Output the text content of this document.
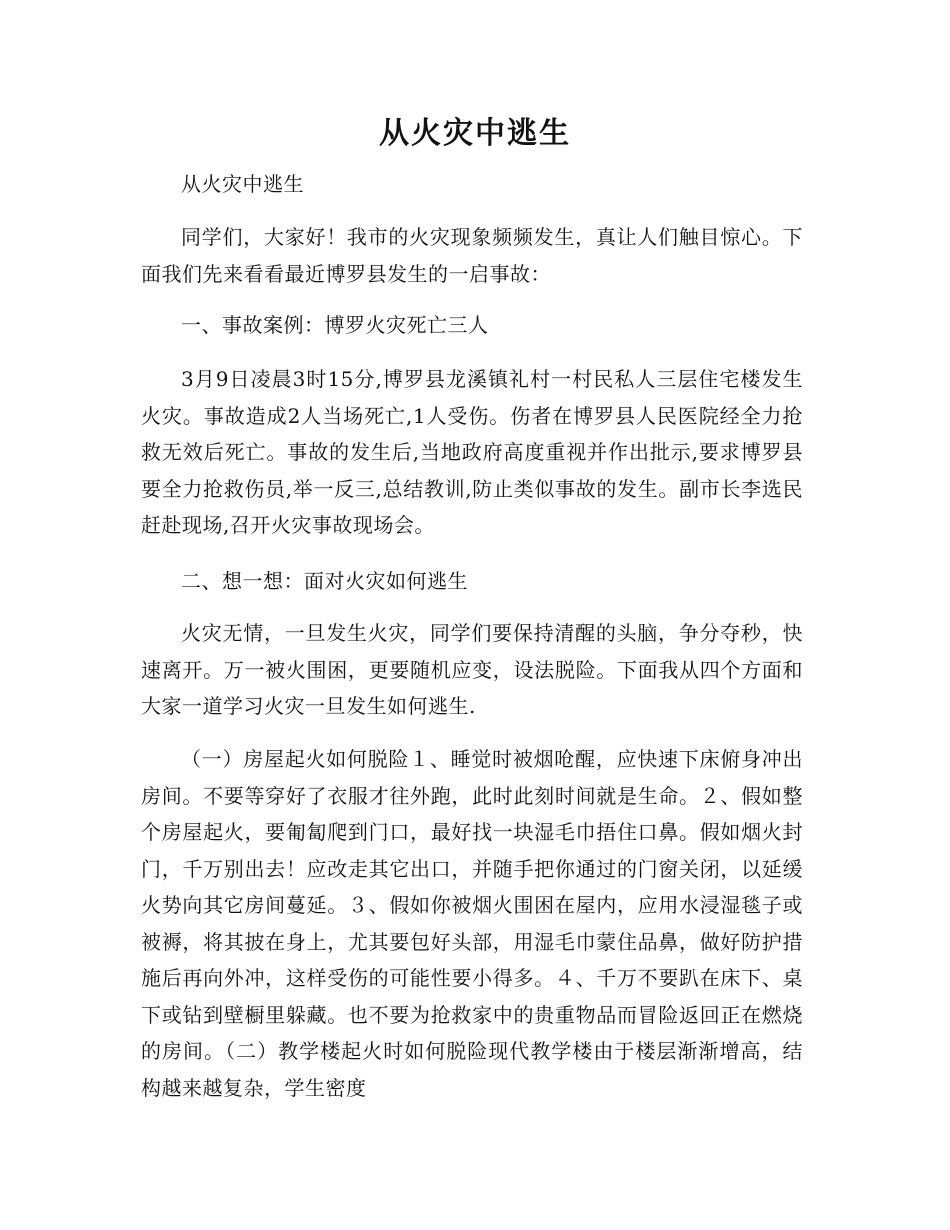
从火灾中逃生

从火灾中逃生

同学们，大家好！我市的火灾现象频频发生，真让人们触目惊心。下面我们先来看看最近博罗县发生的一启事故：

一、事故案例：博罗火灾死亡三人

3月9日凌晨3时15分,博罗县龙溪镇礼村一村民私人三层住宅楼发生火灾。事故造成2人当场死亡,1人受伤。伤者在博罗县人民医院经全力抢救无效后死亡。事故的发生后,当地政府高度重视并作出批示,要求博罗县要全力抢救伤员,举一反三,总结教训,防止类似事故的发生。副市长李选民赶赴现场,召开火灾事故现场会。

二、想一想：面对火灾如何逃生

火灾无情，一旦发生火灾，同学们要保持清醒的头脑，争分夺秒，快速离开。万一被火围困，更要随机应变，设法脱险。下面我从四个方面和大家一道学习火灾一旦发生如何逃生.

（一）房屋起火如何脱险１、睡觉时被烟呛醒，应快速下床俯身冲出房间。不要等穿好了衣服才往外跑，此时此刻时间就是生命。２、假如整个房屋起火，要匍匐爬到门口，最好找一块湿毛巾捂住口鼻。假如烟火封门，千万别出去！应改走其它出口，并随手把你通过的门窗关闭，以延缓火势向其它房间蔓延。３、假如你被烟火围困在屋内，应用水浸湿毯子或被褥，将其披在身上，尤其要包好头部，用湿毛巾蒙住品鼻，做好防护措施后再向外冲，这样受伤的可能性要小得多。４、千万不要趴在床下、桌下或钻到壁橱里躲藏。也不要为抢救家中的贵重物品而冒险返回正在燃烧的房间。（二）教学楼起火时如何脱险现代教学楼由于楼层渐渐增高，结构越来越复杂，学生密度
